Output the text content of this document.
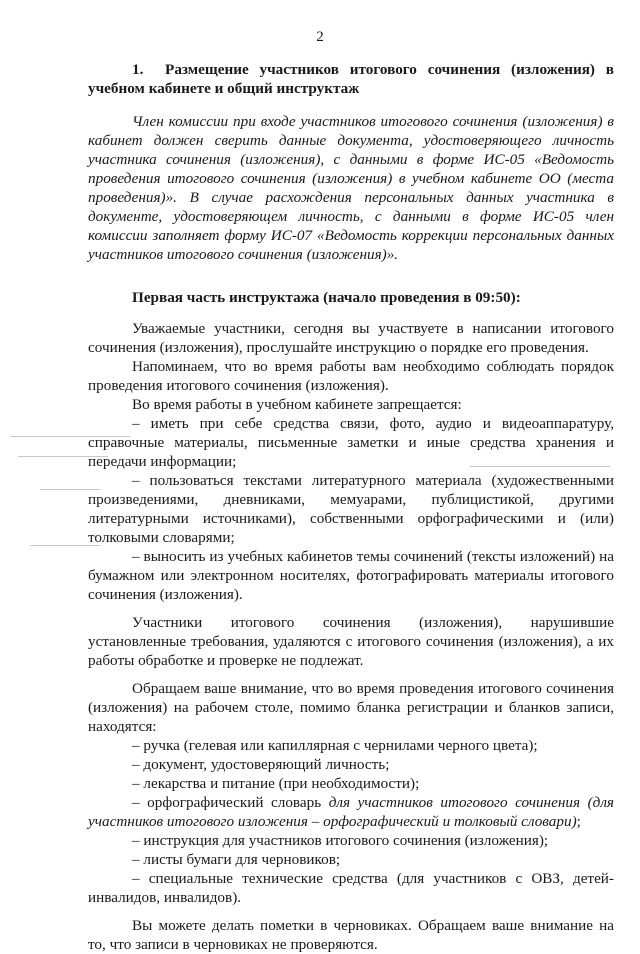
2

1. Размещение участников итогового сочинения (изложения) в учебном кабинете и общий инструктаж

Член комиссии при входе участников итогового сочинения (изложения) в кабинет должен сверить данные документа, удостоверяющего личность участника сочинения (изложения), с данными в форме ИС-05 «Ведомость проведения итогового сочинения (изложения) в учебном кабинете ОО (места проведения)». В случае расхождения персональных данных участника в документе, удостоверяющем личность, с данными в форме ИС-05 член комиссии заполняет форму ИС-07 «Ведомость коррекции персональных данных участников итогового сочинения (изложения)».

Первая часть инструктажа (начало проведения в 09:50):

Уважаемые участники, сегодня вы участвуете в написании итогового сочинения (изложения), прослушайте инструкцию о порядке его проведения.

Напоминаем, что во время работы вам необходимо соблюдать порядок проведения итогового сочинения (изложения).

Во время работы в учебном кабинете запрещается:

– иметь при себе средства связи, фото, аудио и видеоаппаратуру, справочные материалы, письменные заметки и иные средства хранения и передачи информации;

– пользоваться текстами литературного материала (художественными произведениями, дневниками, мемуарами, публицистикой, другими литературными источниками), собственными орфографическими и (или) толковыми словарями;

– выносить из учебных кабинетов темы сочинений (тексты изложений) на бумажном или электронном носителях, фотографировать материалы итогового сочинения (изложения).

Участники итогового сочинения (изложения), нарушившие установленные требования, удаляются с итогового сочинения (изложения), а их работы обработке и проверке не подлежат.

Обращаем ваше внимание, что во время проведения итогового сочинения (изложения) на рабочем столе, помимо бланка регистрации и бланков записи, находятся:

– ручка (гелевая или капиллярная с чернилами черного цвета);

– документ, удостоверяющий личность;

– лекарства и питание (при необходимости);

– орфографический словарь для участников итогового сочинения (для участников итогового изложения – орфографический и толковый словари);

– инструкция для участников итогового сочинения (изложения);

– листы бумаги для черновиков;

– специальные технические средства (для участников с ОВЗ, детей-инвалидов, инвалидов).

Вы можете делать пометки в черновиках. Обращаем ваше внимание на то, что записи в черновиках не проверяются.
